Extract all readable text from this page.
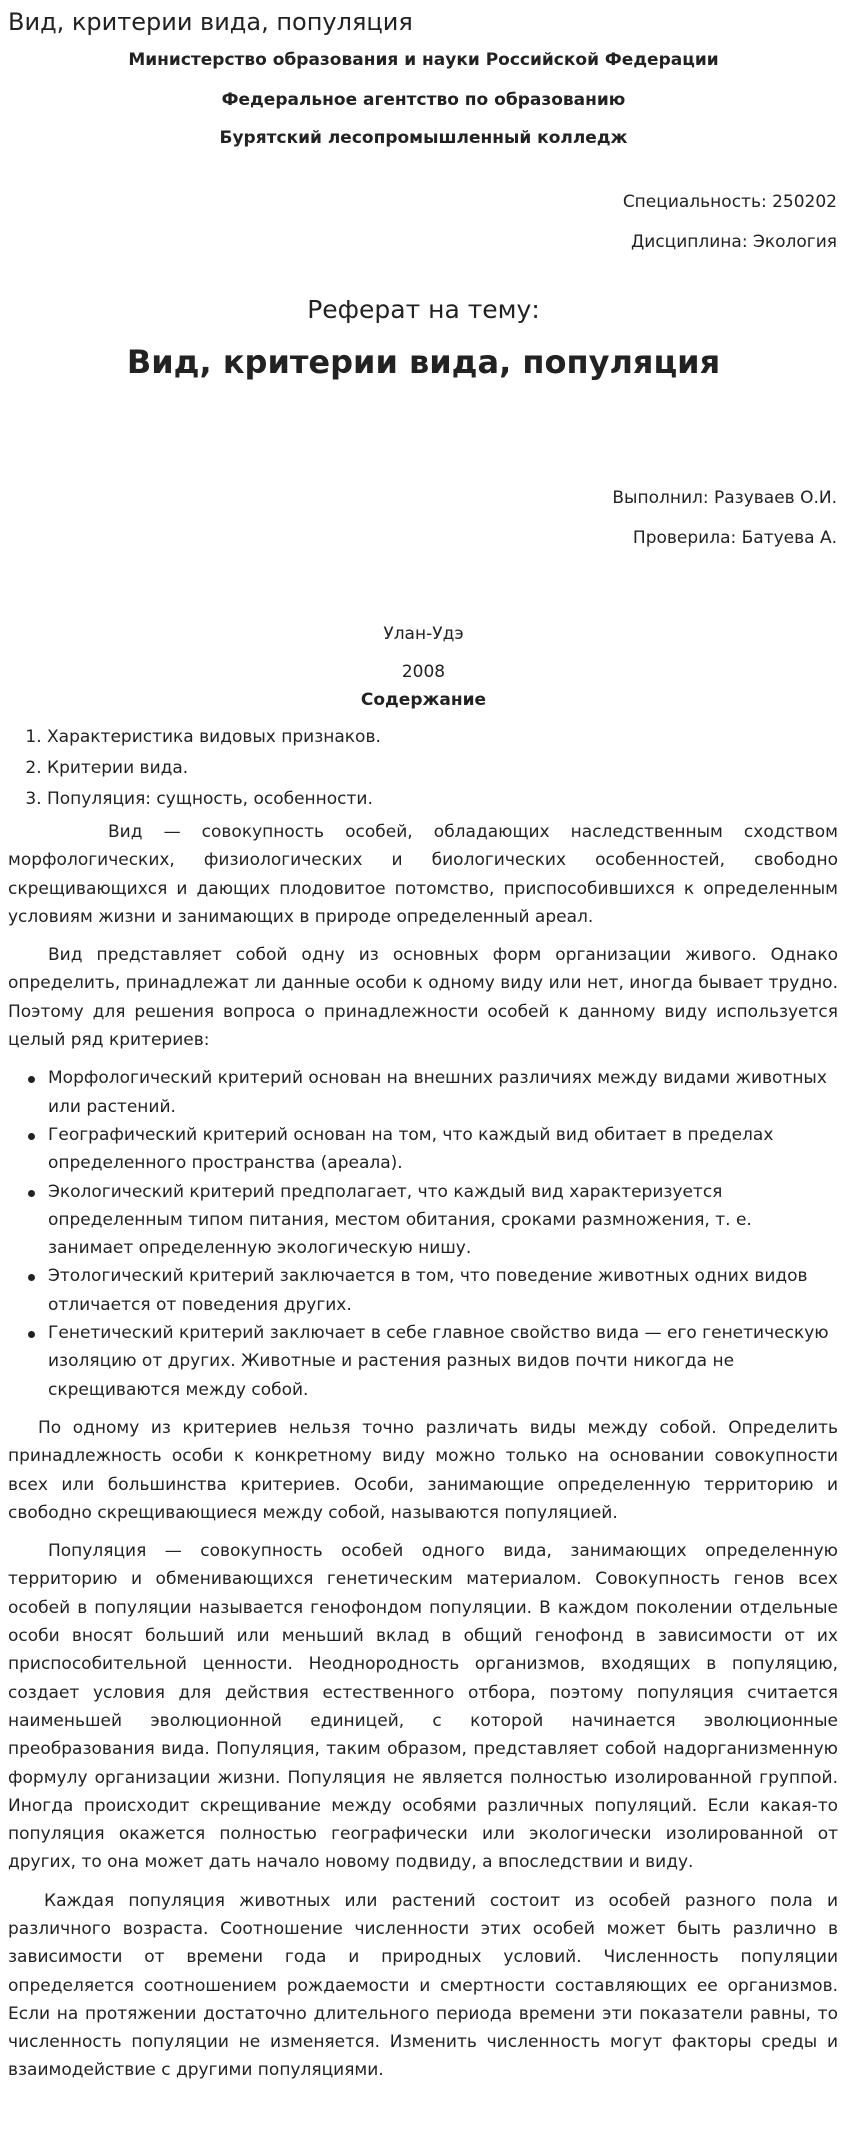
Вид, критерии вида, популяция

Министерство образования и науки Российской Федерации

Федеральное агентство по образованию

Бурятский лесопромышленный колледж

Специальность: 250202

Дисциплина: Экология

Реферат на тему:

Вид, критерии вида, популяция

Выполнил: Разуваев О.И.

Проверила: Батуева А.

Улан-Удэ

2008

Содержание

1. Характеристика видовых признаков.
2. Критерии вида.
3. Популяция: сущность, особенности.

Вид — совокупность особей, обладающих наследственным сходством морфологических, физиологических и биологических особенностей, свободно скрещивающихся и дающих плодовитое потомство, приспособившихся к определенным условиям жизни и занимающих в природе определенный ареал.

Вид представляет собой одну из основных форм организации живого. Однако определить, принадлежат ли данные особи к одному виду или нет, иногда бывает трудно. Поэтому для решения вопроса о принадлежности особей к данному виду используется целый ряд критериев:

Морфологический критерий основан на внешних различиях между видами животных или растений.
Географический критерий основан на том, что каждый вид обитает в пределах определенного пространства (ареала).
Экологический критерий предполагает, что каждый вид характеризуется определенным типом питания, местом обитания, сроками размножения, т. е. занимает определенную экологическую нишу.
Этологический критерий заключается в том, что поведение животных одних видов отличается от поведения других.
Генетический критерий заключает в себе главное свойство вида — его генетическую изоляцию от других. Животные и растения разных видов почти никогда не скрещиваются между собой.

По одному из критериев нельзя точно различать виды между собой. Определить принадлежность особи к конкретному виду можно только на основании совокупности всех или большинства критериев. Особи, занимающие определенную территорию и свободно скрещивающиеся между собой, называются популяцией.

Популяция — совокупность особей одного вида, занимающих определенную территорию и обменивающихся генетическим материалом. Совокупность генов всех особей в популяции называется генофондом популяции. В каждом поколении отдельные особи вносят больший или меньший вклад в общий генофонд в зависимости от их приспособительной ценности. Неоднородность организмов, входящих в популяцию, создает условия для действия естественного отбора, поэтому популяция считается наименьшей эволюционной единицей, с которой начинается эволюционные преобразования вида. Популяция, таким образом, представляет собой надорганизменную формулу организации жизни. Популяция не является полностью изолированной группой. Иногда происходит скрещивание между особями различных популяций. Если какая-то популяция окажется полностью географически или экологически изолированной от других, то она может дать начало новому подвиду, а впоследствии и виду.

Каждая популяция животных или растений состоит из особей разного пола и различного возраста. Соотношение численности этих особей может быть различно в зависимости от времени года и природных условий. Численность популяции определяется соотношением рождаемости и смертности составляющих ее организмов. Если на протяжении достаточно длительного периода времени эти показатели равны, то численность популяции не изменяется. Изменить численность могут факторы среды и взаимодействие с другими популяциями.
